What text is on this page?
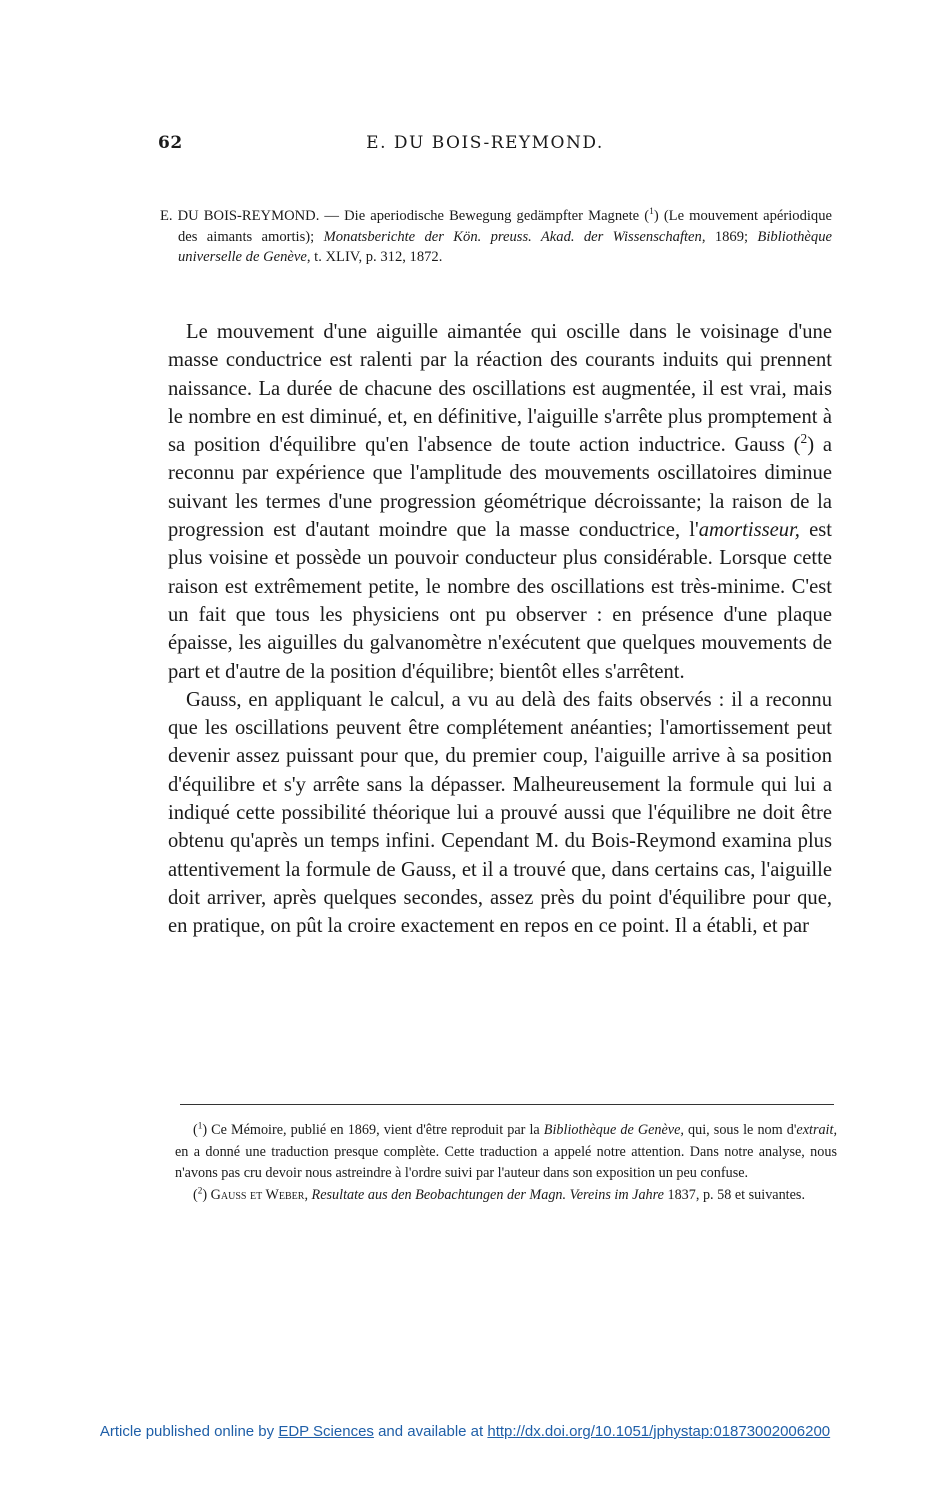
62	E. DU BOIS-REYMOND.
E. DU BOIS-REYMOND. — Die aperiodische Bewegung gedämpfter Magnete ($^1$) (Le mouvement apériodique des aimants amortis); Monatsberichte der Kön. preuss. Akad. der Wissenschaften, 1869; Bibliothèque universelle de Genève, t. XLIV, p. 312, 1872.

Le mouvement d'une aiguille aimantée qui oscille dans le voisinage d'une masse conductrice est ralenti par la réaction des courants induits qui prennent naissance. La durée de chacune des oscillations est augmentée, il est vrai, mais le nombre en est diminué, et, en définitive, l'aiguille s'arrête plus promptement à sa position d'équilibre qu'en l'absence de toute action inductrice. Gauss ($^2$) a reconnu par expérience que l'amplitude des mouvements oscillatoires diminue suivant les termes d'une progression géométrique décroissante; la raison de la progression est d'autant moindre que la masse conductrice, l'amortisseur, est plus voisine et possède un pouvoir conducteur plus considérable. Lorsque cette raison est extrêmement petite, le nombre des oscillations est très-minime. C'est un fait que tous les physiciens ont pu observer : en présence d'une plaque épaisse, les aiguilles du galvanomètre n'exécutent que quelques mouvements de part et d'autre de la position d'équilibre; bientôt elles s'arrêtent.

Gauss, en appliquant le calcul, a vu au delà des faits observés : il a reconnu que les oscillations peuvent être complétement anéanties; l'amortissement peut devenir assez puissant pour que, du premier coup, l'aiguille arrive à sa position d'équilibre et s'y arrête sans la dépasser. Malheureusement la formule qui lui a indiqué cette possibilité théorique lui a prouvé aussi que l'équilibre ne doit être obtenu qu'après un temps infini. Cependant M. du Bois-Reymond examina plus attentivement la formule de Gauss, et il a trouvé que, dans certains cas, l'aiguille doit arriver, après quelques secondes, assez près du point d'équilibre pour que, en pratique, on pût la croire exactement en repos en ce point. Il a établi, et par

($^1$) Ce Mémoire, publié en 1869, vient d'être reproduit par la Bibliothèque de Genève, qui, sous le nom d'extrait, en a donné une traduction presque complète. Cette traduction a appelé notre attention. Dans notre analyse, nous n'avons pas cru devoir nous astreindre à l'ordre suivi par l'auteur dans son exposition un peu confuse.

($^2$) Gauss et Weber, Resultate aus den Beobachtungen der Magn. Vereins im Jahre 1837, p. 58 et suivantes.

Article published online by EDP Sciences and available at http://dx.doi.org/10.1051/jphystap:01873002006200
